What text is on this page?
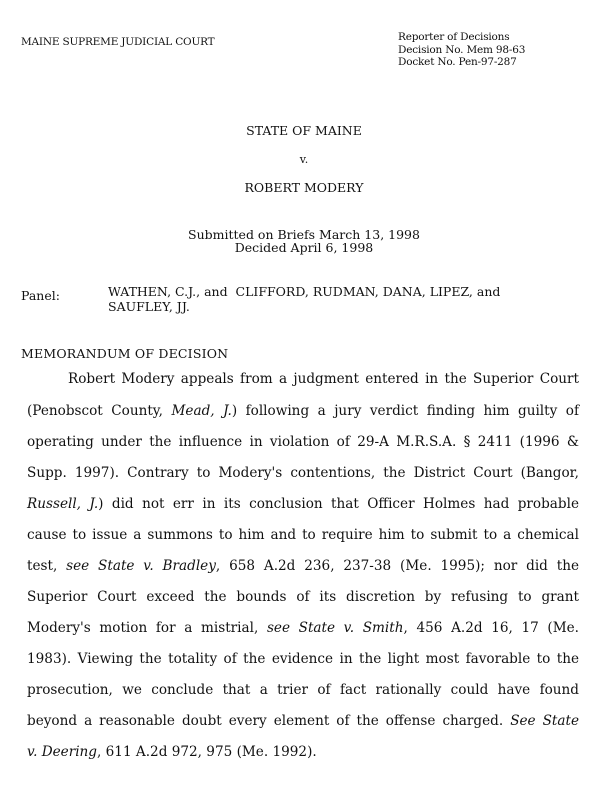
MAINE SUPREME JUDICIAL COURT	Reporter of Decisions
Decision No. Mem 98-63
Docket No. Pen-97-287
STATE OF MAINE
v.
ROBERT MODERY
Submitted on Briefs March 13, 1998
Decided April 6, 1998
Panel:	WATHEN, C.J., and  CLIFFORD, RUDMAN, DANA, LIPEZ, and
SAUFLEY, JJ.
MEMORANDUM OF DECISION
Robert Modery appeals from a judgment entered in the Superior Court
(Penobscot County, Mead, J.) following a jury verdict finding him guilty of
operating under the influence in violation of 29-A M.R.S.A. § 2411 (1996 &
Supp. 1997). Contrary to Modery's contentions, the District Court (Bangor,
Russell, J.) did not err in its conclusion that Officer Holmes had probable
cause to issue a summons to him and to require him to submit to a chemical
test, see State v. Bradley, 658 A.2d 236, 237-38 (Me. 1995); nor did the
Superior Court exceed the bounds of its discretion by refusing to grant
Modery's motion for a mistrial, see State v. Smith, 456 A.2d 16, 17 (Me.
1983). Viewing the totality of the evidence in the light most favorable to the
prosecution, we conclude that a trier of fact rationally could have found
beyond a reasonable doubt every element of the offense charged. See State
v. Deering, 611 A.2d 972, 975 (Me. 1992).
